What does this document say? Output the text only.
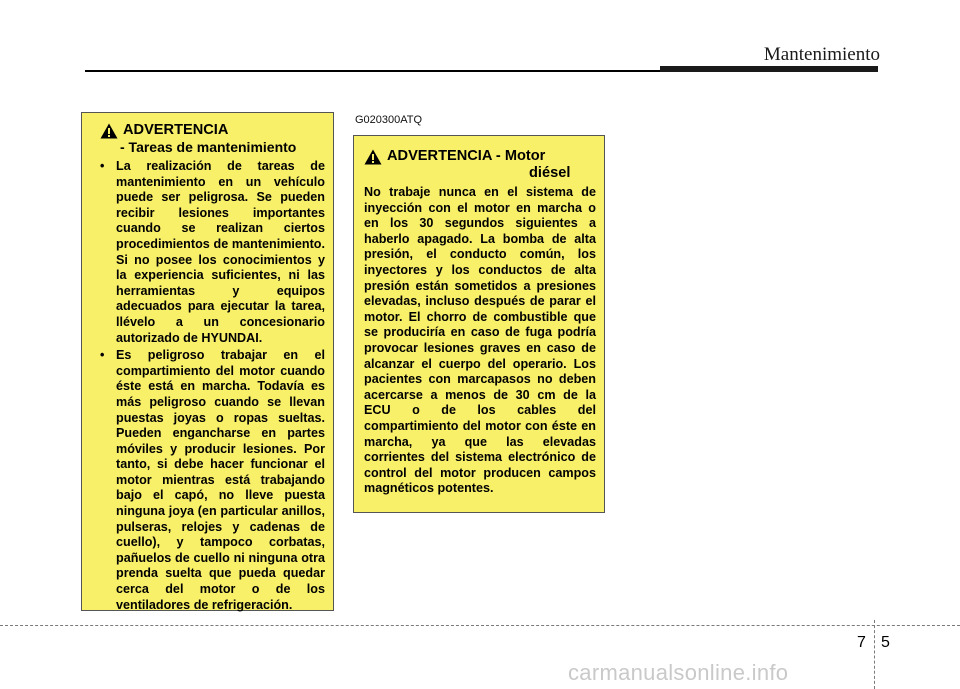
Mantenimiento
G020300ATQ
ADVERTENCIA
- Tareas de mantenimiento
• La realización de tareas de mantenimiento en un vehículo puede ser peligrosa. Se pueden recibir lesiones importantes cuando se realizan ciertos procedimientos de mantenimiento. Si no posee los conocimientos y la experiencia suficientes, ni las herramientas y equipos adecuados para ejecutar la tarea, llévelo a un concesionario autorizado de HYUNDAI.
• Es peligroso trabajar en el compartimiento del motor cuando éste está en marcha. Todavía es más peligroso cuando se llevan puestas joyas o ropas sueltas. Pueden engancharse en partes móviles y producir lesiones. Por tanto, si debe hacer funcionar el motor mientras está trabajando bajo el capó, no lleve puesta ninguna joya (en particular anillos, pulseras, relojes y cadenas de cuello), y tampoco corbatas, pañuelos de cuello ni ninguna otra prenda suelta que pueda quedar cerca del motor o de los ventiladores de refrigeración.
ADVERTENCIA - Motor
diésel
No trabaje nunca en el sistema de inyección con el motor en marcha o en los 30 segundos siguientes a haberlo apagado. La bomba de alta presión, el conducto común, los inyectores y los conductos de alta presión están sometidos a presiones elevadas, incluso después de parar el motor. El chorro de combustible que se produciría en caso de fuga podría provocar lesiones graves en caso de alcanzar el cuerpo del operario. Los pacientes con marcapasos no deben acercarse a menos de 30 cm de la ECU o de los cables del compartimiento del motor con éste en marcha, ya que las elevadas corrientes del sistema electrónico de control del motor producen campos magnéticos potentes.
7 5
carmanualsonline.info
